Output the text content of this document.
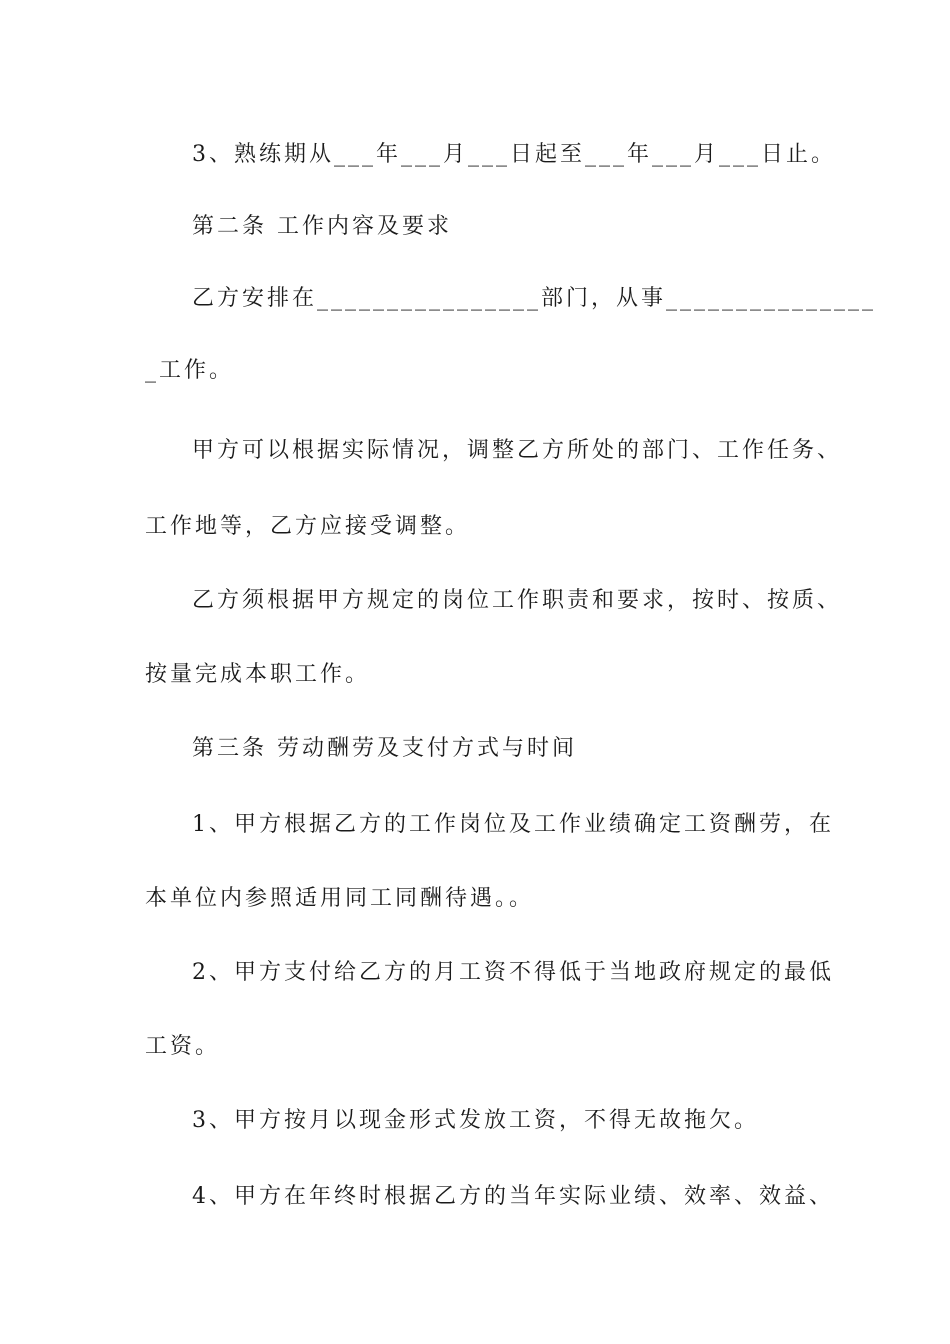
3、熟练期从___年___月___日起至___年___月___日止。
第二条 工作内容及要求
乙方安排在________________部门，从事_______________
_工作。
甲方可以根据实际情况，调整乙方所处的部门、工作任务、
工作地等，乙方应接受调整。
乙方须根据甲方规定的岗位工作职责和要求，按时、按质、
按量完成本职工作。
第三条 劳动酬劳及支付方式与时间
1、甲方根据乙方的工作岗位及工作业绩确定工资酬劳，在
本单位内参照适用同工同酬待遇。。
2、甲方支付给乙方的月工资不得低于当地政府规定的最低
工资。
3、甲方按月以现金形式发放工资，不得无故拖欠。
4、甲方在年终时根据乙方的当年实际业绩、效率、效益、
